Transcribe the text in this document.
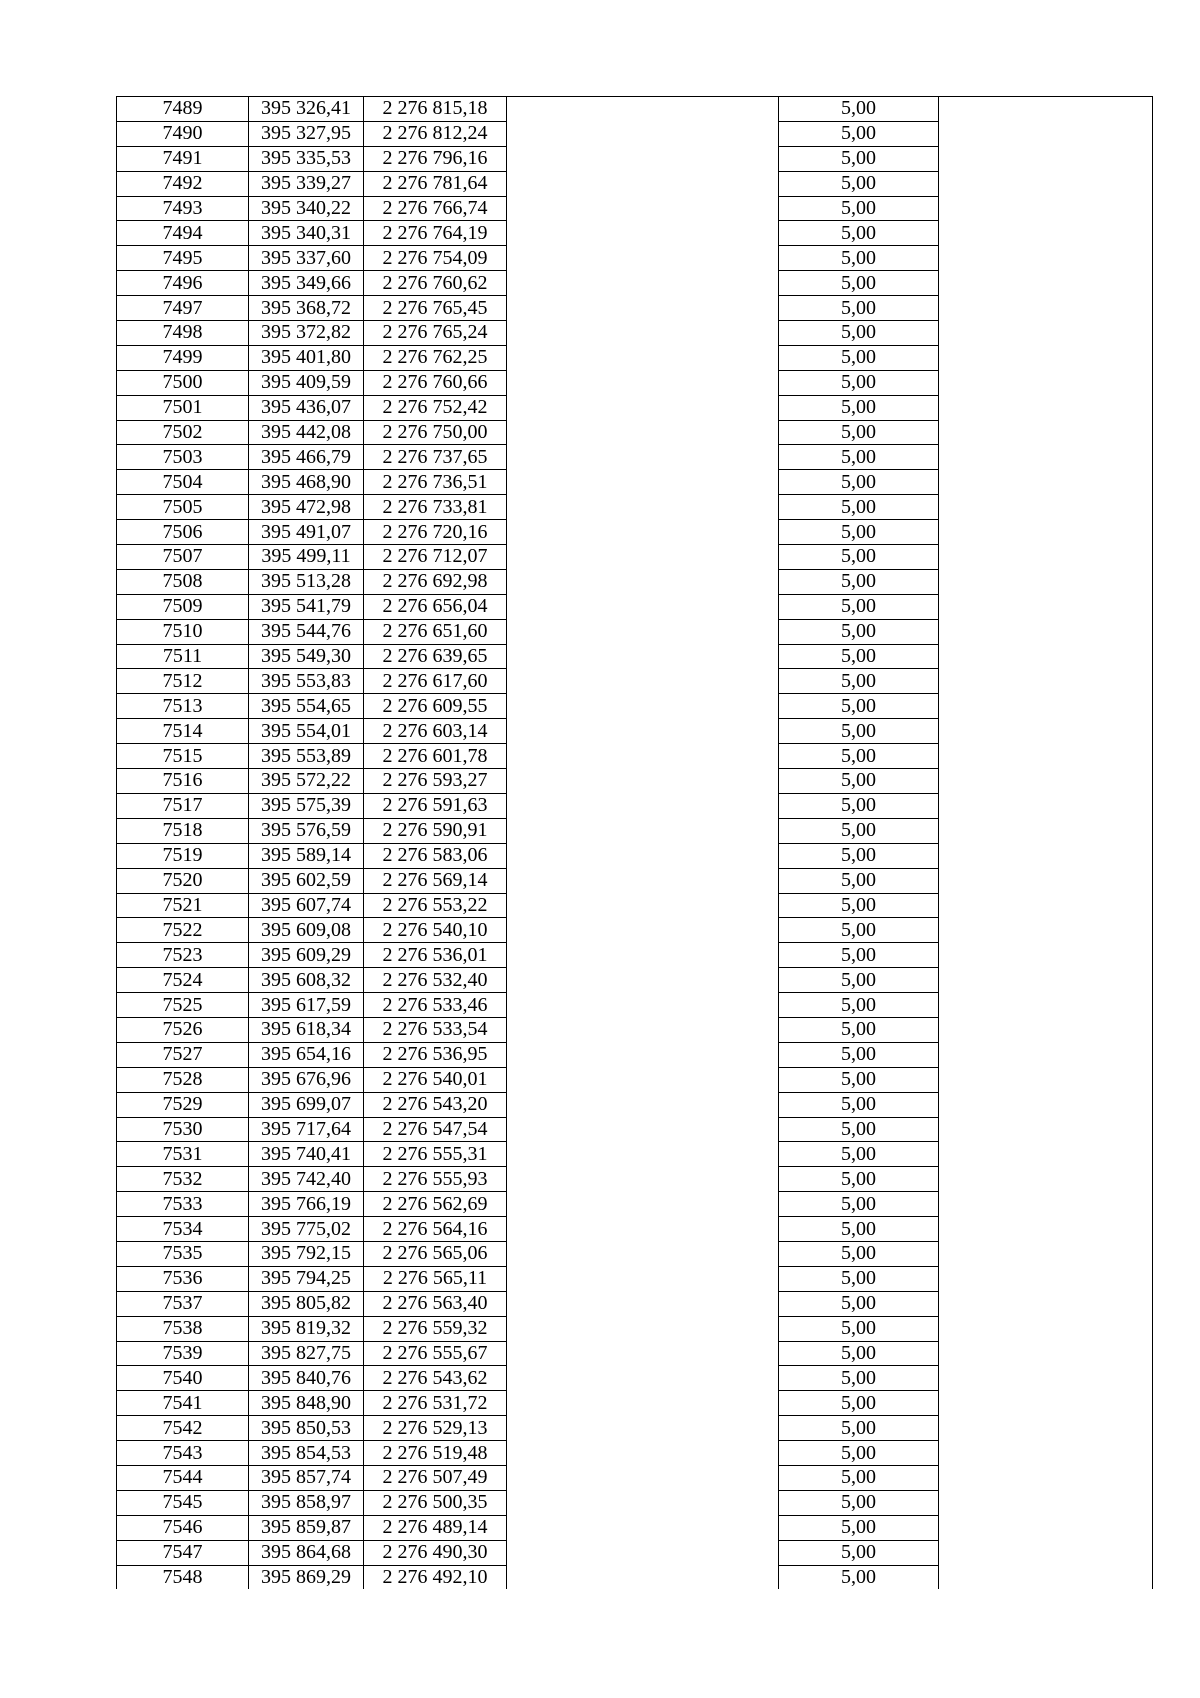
7489	395 326,41	2 276 815,18		5,00	
7490	395 327,95	2 276 812,24		5,00	
7491	395 335,53	2 276 796,16		5,00	
7492	395 339,27	2 276 781,64		5,00	
7493	395 340,22	2 276 766,74		5,00	
7494	395 340,31	2 276 764,19		5,00	
7495	395 337,60	2 276 754,09		5,00	
7496	395 349,66	2 276 760,62		5,00	
7497	395 368,72	2 276 765,45		5,00	
7498	395 372,82	2 276 765,24		5,00	
7499	395 401,80	2 276 762,25		5,00	
7500	395 409,59	2 276 760,66		5,00	
7501	395 436,07	2 276 752,42		5,00	
7502	395 442,08	2 276 750,00		5,00	
7503	395 466,79	2 276 737,65		5,00	
7504	395 468,90	2 276 736,51		5,00	
7505	395 472,98	2 276 733,81		5,00	
7506	395 491,07	2 276 720,16		5,00	
7507	395 499,11	2 276 712,07		5,00	
7508	395 513,28	2 276 692,98		5,00	
7509	395 541,79	2 276 656,04		5,00	
7510	395 544,76	2 276 651,60		5,00	
7511	395 549,30	2 276 639,65		5,00	
7512	395 553,83	2 276 617,60		5,00	
7513	395 554,65	2 276 609,55		5,00	
7514	395 554,01	2 276 603,14		5,00	
7515	395 553,89	2 276 601,78		5,00	
7516	395 572,22	2 276 593,27		5,00	
7517	395 575,39	2 276 591,63		5,00	
7518	395 576,59	2 276 590,91		5,00	
7519	395 589,14	2 276 583,06		5,00	
7520	395 602,59	2 276 569,14		5,00	
7521	395 607,74	2 276 553,22		5,00	
7522	395 609,08	2 276 540,10		5,00	
7523	395 609,29	2 276 536,01		5,00	
7524	395 608,32	2 276 532,40		5,00	
7525	395 617,59	2 276 533,46		5,00	
7526	395 618,34	2 276 533,54		5,00	
7527	395 654,16	2 276 536,95		5,00	
7528	395 676,96	2 276 540,01		5,00	
7529	395 699,07	2 276 543,20		5,00	
7530	395 717,64	2 276 547,54		5,00	
7531	395 740,41	2 276 555,31		5,00	
7532	395 742,40	2 276 555,93		5,00	
7533	395 766,19	2 276 562,69		5,00	
7534	395 775,02	2 276 564,16		5,00	
7535	395 792,15	2 276 565,06		5,00	
7536	395 794,25	2 276 565,11		5,00	
7537	395 805,82	2 276 563,40		5,00	
7538	395 819,32	2 276 559,32		5,00	
7539	395 827,75	2 276 555,67		5,00	
7540	395 840,76	2 276 543,62		5,00	
7541	395 848,90	2 276 531,72		5,00	
7542	395 850,53	2 276 529,13		5,00	
7543	395 854,53	2 276 519,48		5,00	
7544	395 857,74	2 276 507,49		5,00	
7545	395 858,97	2 276 500,35		5,00	
7546	395 859,87	2 276 489,14		5,00	
7547	395 864,68	2 276 490,30		5,00	
7548	395 869,29	2 276 492,10		5,00	
